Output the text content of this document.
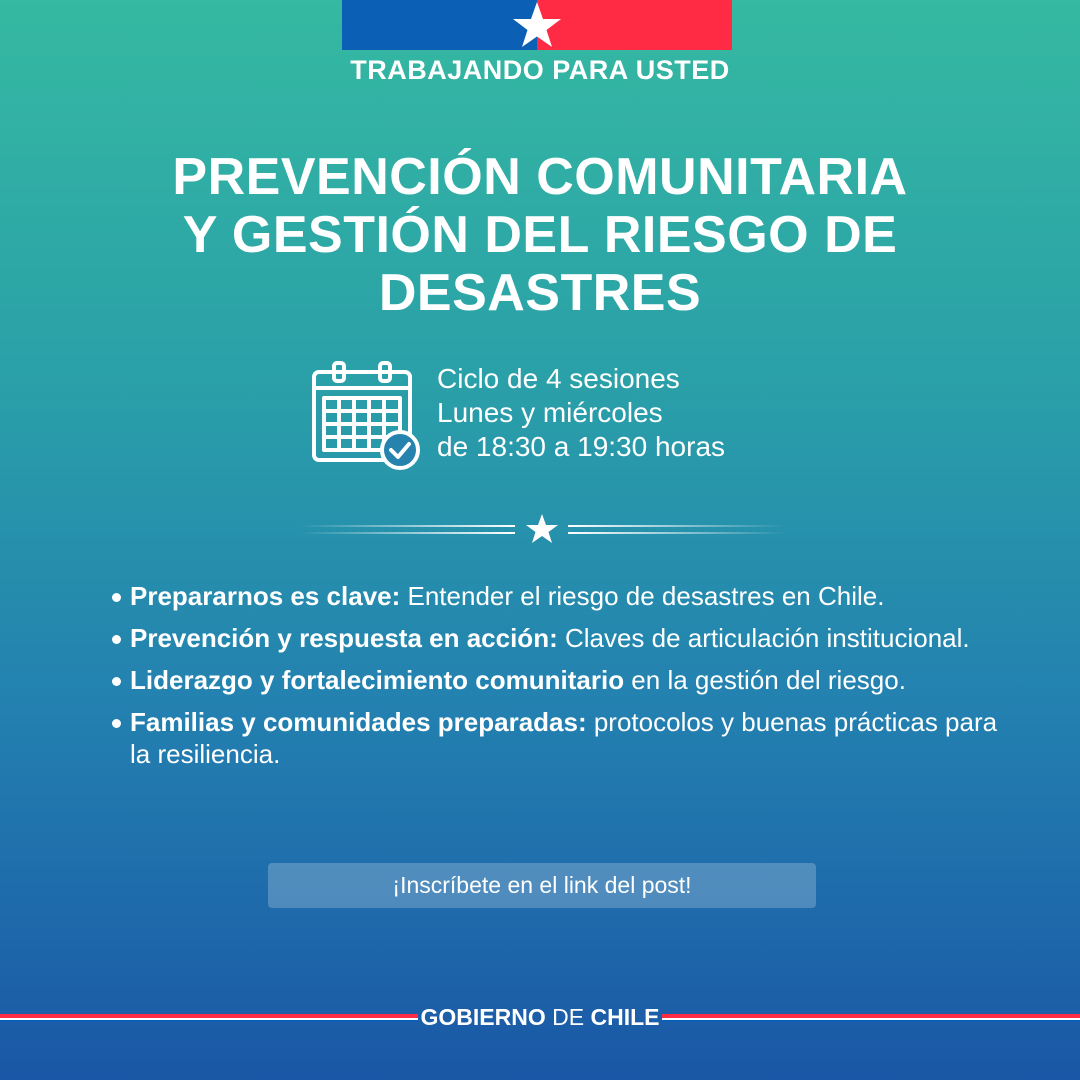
TRABAJANDO PARA USTED
PREVENCIÓN COMUNITARIA
Y GESTIÓN DEL RIESGO DE
DESASTRES
Ciclo de 4 sesiones
Lunes y miércoles
de 18:30 a 19:30 horas
Prepararnos es clave: Entender el riesgo de desastres en Chile.
Prevención y respuesta en acción: Claves de articulación institucional.
Liderazgo y fortalecimiento comunitario en la gestión del riesgo.
Familias y comunidades preparadas: protocolos y buenas prácticas para la resiliencia.
¡Inscríbete en el link del post!
GOBIERNO DE CHILE
